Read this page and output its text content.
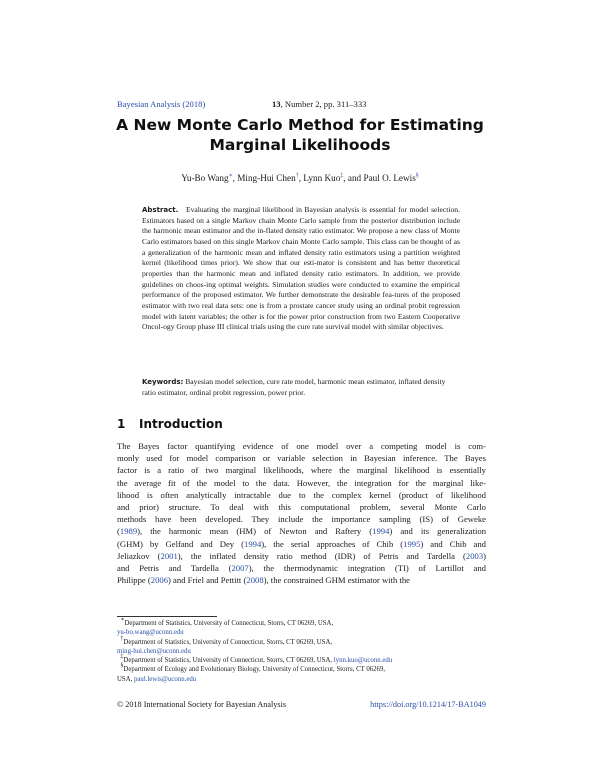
Bayesian Analysis (2018)	13, Number 2, pp. 311–333
A New Monte Carlo Method for Estimating
Marginal Likelihoods
Yu-Bo Wang∗, Ming-Hui Chen†, Lynn Kuo‡, and Paul O. Lewis§
Abstract. Evaluating the marginal likelihood in Bayesian analysis is essential for model selection. Estimators based on a single Markov chain Monte Carlo sample from the posterior distribution include the harmonic mean estimator and the in-flated density ratio estimator. We propose a new class of Monte Carlo estimators based on this single Markov chain Monte Carlo sample. This class can be thought of as a generalization of the harmonic mean and inflated density ratio estimators using a partition weighted kernel (likelihood times prior). We show that our esti-mator is consistent and has better theoretical properties than the harmonic mean and inflated density ratio estimators. In addition, we provide guidelines on choos-ing optimal weights. Simulation studies were conducted to examine the empirical performance of the proposed estimator. We further demonstrate the desirable fea-tures of the proposed estimator with two real data sets: one is from a prostate cancer study using an ordinal probit regression model with latent variables; the other is for the power prior construction from two Eastern Cooperative Oncol-ogy Group phase III clinical trials using the cure rate survival model with similar objectives.
Keywords: Bayesian model selection, cure rate model, harmonic mean estimator, inflated density ratio estimator, ordinal probit regression, power prior.
1 Introduction
The Bayes factor quantifying evidence of one model over a competing model is com-
monly used for model comparison or variable selection in Bayesian inference. The Bayes
factor is a ratio of two marginal likelihoods, where the marginal likelihood is essentially
the average fit of the model to the data. However, the integration for the marginal like-
lihood is often analytically intractable due to the complex kernel (product of likelihood
and prior) structure. To deal with this computational problem, several Monte Carlo
methods have been developed. They include the importance sampling (IS) of Geweke
(1989), the harmonic mean (HM) of Newton and Raftery (1994) and its generalization
(GHM) by Gelfand and Dey (1994), the serial approaches of Chib (1995) and Chib and
Jeliazkov (2001), the inflated density ratio method (IDR) of Petris and Tardella (2003)
and Petris and Tardella (2007), the thermodynamic integration (TI) of Lartillot and
Philippe (2006) and Friel and Pettitt (2008), the constrained GHM estimator with the
∗Department of Statistics, University of Connecticut, Storrs, CT 06269, USA,
yu-bo.wang@uconn.edu
†Department of Statistics, University of Connecticut, Storrs, CT 06269, USA,
ming-hui.chen@uconn.edu
‡Department of Statistics, University of Connecticut, Storrs, CT 06269, USA, lynn.kuo@uconn.edu
§Department of Ecology and Evolutionary Biology, University of Connecticut, Storrs, CT 06269,
USA, paul.lewis@uconn.edu
© 2018 International Society for Bayesian Analysis	https://doi.org/10.1214/17-BA1049
